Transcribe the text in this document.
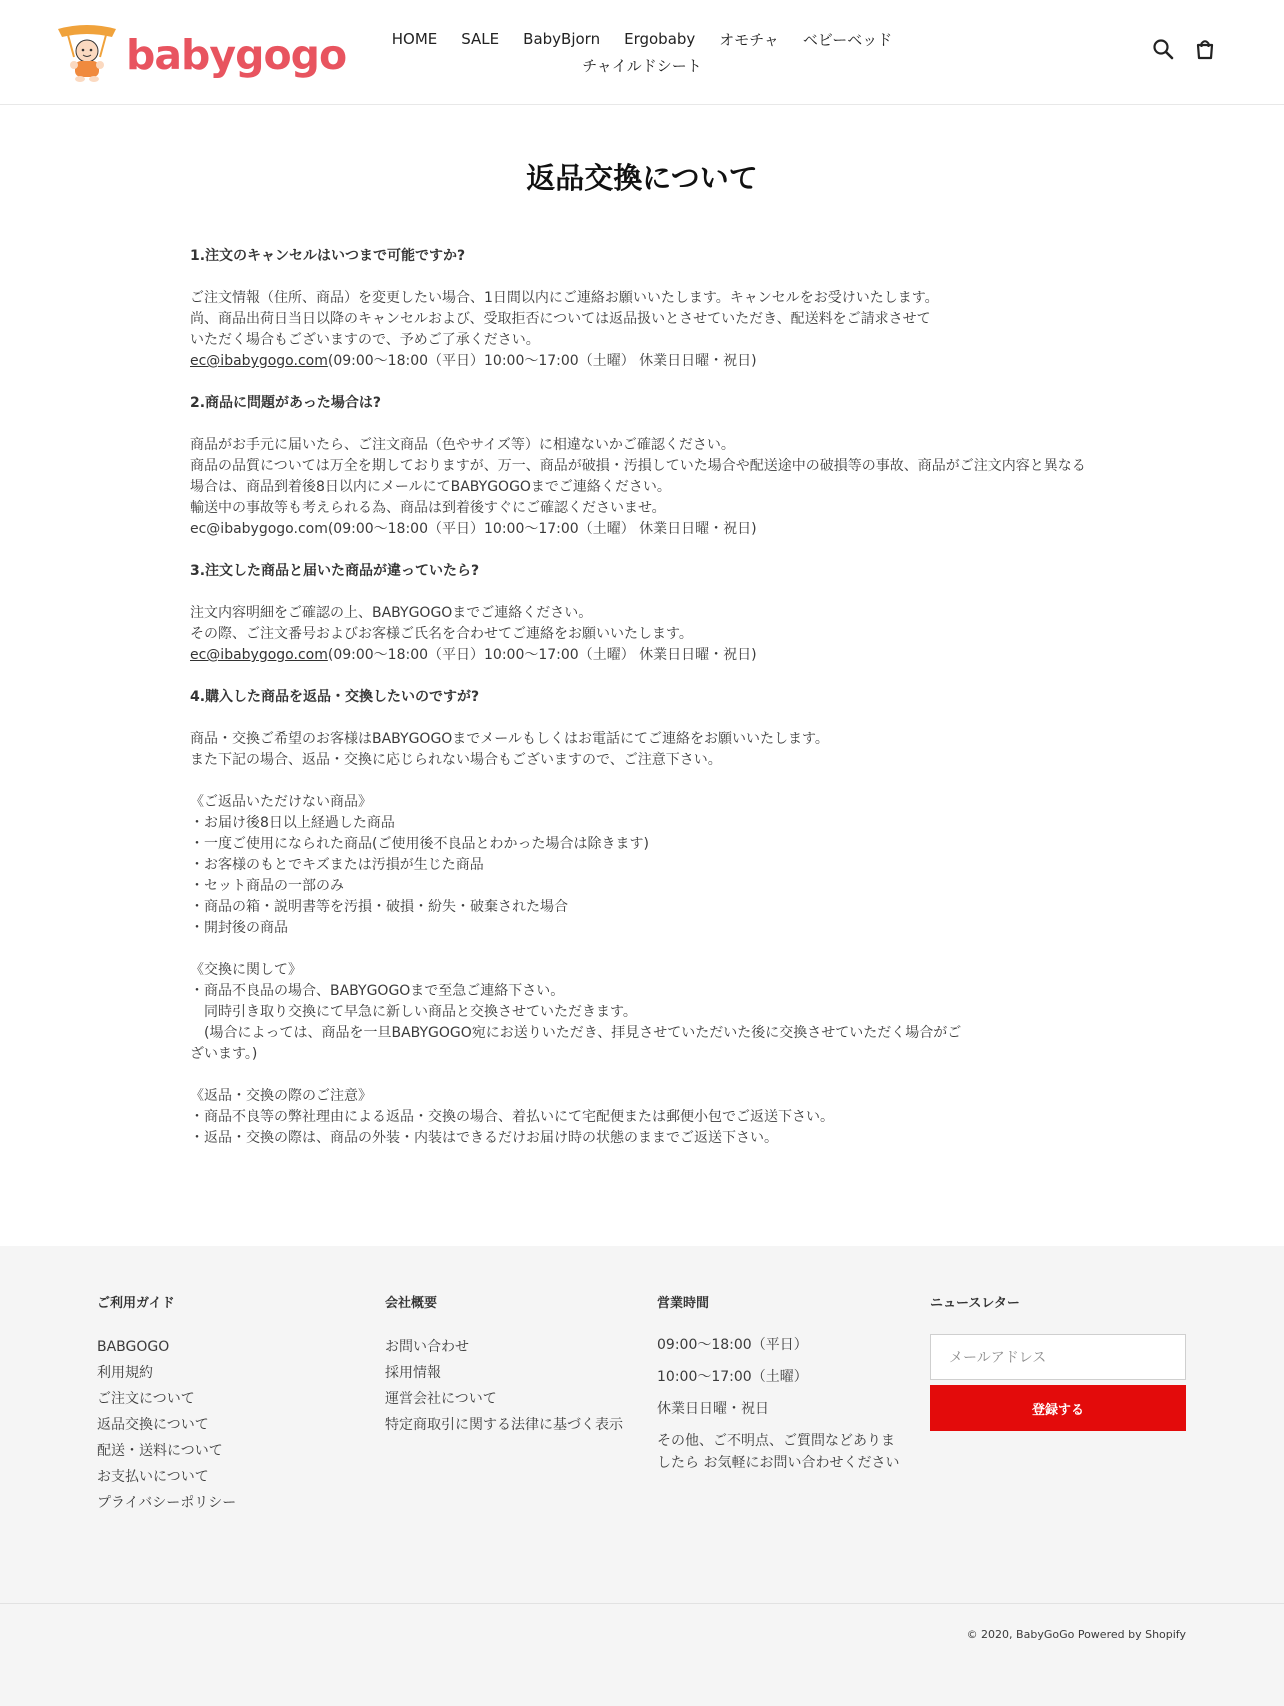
babygogo	HOME SALE BabyBjorn Ergobaby オモチャ ベビーベッド
チャイルドシート
返品交換について

1.注文のキャンセルはいつまで可能ですか?

ご注文情報（住所、商品）を変更したい場合、1日間以内にご連絡お願いいたします。キャンセルをお受けいたします。

尚、商品出荷日当日以降のキャンセルおよび、受取拒否については返品扱いとさせていただき、配送料をご請求させて

いただく場合もございますので、予めご了承ください。

ec@ibabygogo.com(09:00〜18:00（平日）10:00〜17:00（土曜） 休業日日曜・祝日)

2.商品に問題があった場合は?

商品がお手元に届いたら、ご注文商品（色やサイズ等）に相違ないかご確認ください。

商品の品質については万全を期しておりますが、万一、商品が破損・汚損していた場合や配送途中の破損等の事故、商品がご注文内容と異なる

場合は、商品到着後8日以内にメールにてBABYGOGOまでご連絡ください。

輸送中の事故等も考えられる為、商品は到着後すぐにご確認くださいませ。

ec@ibabygogo.com(09:00〜18:00（平日）10:00〜17:00（土曜） 休業日日曜・祝日)

3.注文した商品と届いた商品が違っていたら?

注文内容明細をご確認の上、BABYGOGOまでご連絡ください。

その際、ご注文番号およびお客様ご氏名を合わせてご連絡をお願いいたします。

ec@ibabygogo.com(09:00〜18:00（平日）10:00〜17:00（土曜） 休業日日曜・祝日)

4.購入した商品を返品・交換したいのですが?

商品・交換ご希望のお客様はBABYGOGOまでメールもしくはお電話にてご連絡をお願いいたします。

また下記の場合、返品・交換に応じられない場合もございますので、ご注意下さい。

《ご返品いただけない商品》

・お届け後8日以上経過した商品

・一度ご使用になられた商品(ご使用後不良品とわかった場合は除きます)

・お客様のもとでキズまたは汚損が生じた商品

・セット商品の一部のみ

・商品の箱・説明書等を汚損・破損・紛失・破棄された場合

・開封後の商品

《交換に関して》

・商品不良品の場合、BABYGOGOまで至急ご連絡下さい。

　同時引き取り交換にて早急に新しい商品と交換させていただきます。

　(場合によっては、商品を一旦BABYGOGO宛にお送りいただき、拝見させていただいた後に交換させていただく場合がご

ざいます。)

《返品・交換の際のご注意》

・商品不良等の弊社理由による返品・交換の場合、着払いにて宅配便または郵便小包でご返送下さい。

・返品・交換の際は、商品の外装・内装はできるだけお届け時の状態のままでご返送下さい。

ご利用ガイド
BABGOGO
利用規約
ご注文について
返品交換について
配送・送料について
お支払いについて
プライバシーポリシー
会社概要
お問い合わせ
採用情報
運営会社について
特定商取引に関する法律に基づく表示
営業時間

09:00〜18:00（平日）

10:00〜17:00（土曜）

休業日日曜・祝日

その他、ご不明点、ご質問などありま
したら お気軽にお問い合わせください

ニュースレター
メールアドレス
登録する
© 2020, BabyGoGo Powered by Shopify
